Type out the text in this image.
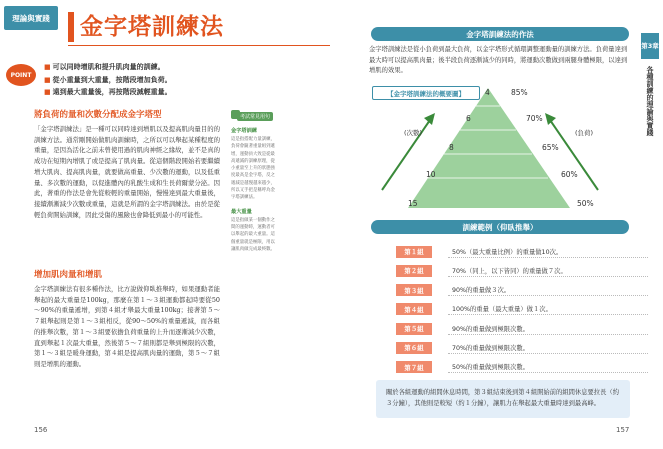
理論與實踐	金字塔訓練法
POINT
■ 可以同時增肌和提升肌肉量的訓練。
■ 從小重量到大重量，按階段增加負荷。
■ 遠到最大重量後，再按階段減輕重量。
將負荷的量和次數分配成金字塔型
「金字塔訓練法」是一種可以同時達到增肌以及提高肌肉量目的的訓練方法。通常剛開始做肌肉訓練時，之所以可以舉起某種程度的重量，是因為活化之前未曾使用過的肌肉神經之緣故，並不是真的成功在短期內增肌了或是提高了肌肉量。從這個階段開始若要繼續增大肌肉、提高肌肉量，就要做高重量、少次數的運動，以及低重量、多次數的運動，以促進體內的乳酸生成和生長荷爾蒙分泌。因此，著重的作法是會先從較輕的重量開始，慢慢達到最大重量後，接續漸漸減少次數或重量，這就是所謂的金字塔訓練法。由於是從輕負荷開始訓練，因此受傷的風險也會降低到最小的可能性。
增加肌肉量和增肌
金字塔訓練法有很多種作法，比方說做仰臥推舉時，如果運動者能舉起的最大重量是100kg，那麼在第１～３組運動都起時要從50～90%的重量遞增，到第４組才舉最大重量100kg；接著第５～７組舉起則是第１～３組相反，從90～50%的重量遞減，而各組的推舉次數，第１～３組要依擔負荷重量的上升而逐漸減少次數，直到舉起１次最大重量，然後第５～７組則都是舉到極限的次數，第１～３組是暖身運動，第４組是提高肌肉量的運動，第５～７組則是增肌的運動。
考試常見用句
金字塔訓練
這是指搭配力量訓練，負荷會隨著重量組到遞增，運動員大致是從最高遞減的訓練原理，從小重量至上升的狀態強度最高是金字塔，反之遞減是越慢越來越少，所以又手把是稱呼為金字塔訓練法。
最大重量
這是指做某一個動作之間的運動時，運動者可以舉起的最大重量。這個重量就是極限，用以讓肌肉做完成最終數。
156
金字塔訓練法的作法
金字塔訓練法是從小負荷到最大負荷，以金字塔形式循環調整運動量的訓練方法。負荷量達到最大時可以提高肌肉量；後半段負荷逐漸減少的同時，將運動次數做到兩腿身體極限，以達到增肌的效果。
第3章
各種訓練的理論與實踐
【金字塔訓練法的概要圖】
(次數)	(負荷)
4
6
8
10
15
85%
70%
65%
60%
50%
訓練範例（仰臥推舉）
第１組	50%（最大重量比例）的重量做10次。
第２組	70%（同上，以下皆同）的重量做７次。
第３組	90%的重量做３次。
第４組	100%的重量（最大重量）做１次。
第５組	90%的重量做到極限次數。
第６組	70%的重量做到極限次數。
第７組	50%的重量做到極限次數。
關於各組運動的組間休息時間，第３組結束後到第４組開始前的組間休息要拉長（約３分鐘），其他則是較短（約１分鐘），讓肌力在舉起最大重量時達到最高峰。
157
